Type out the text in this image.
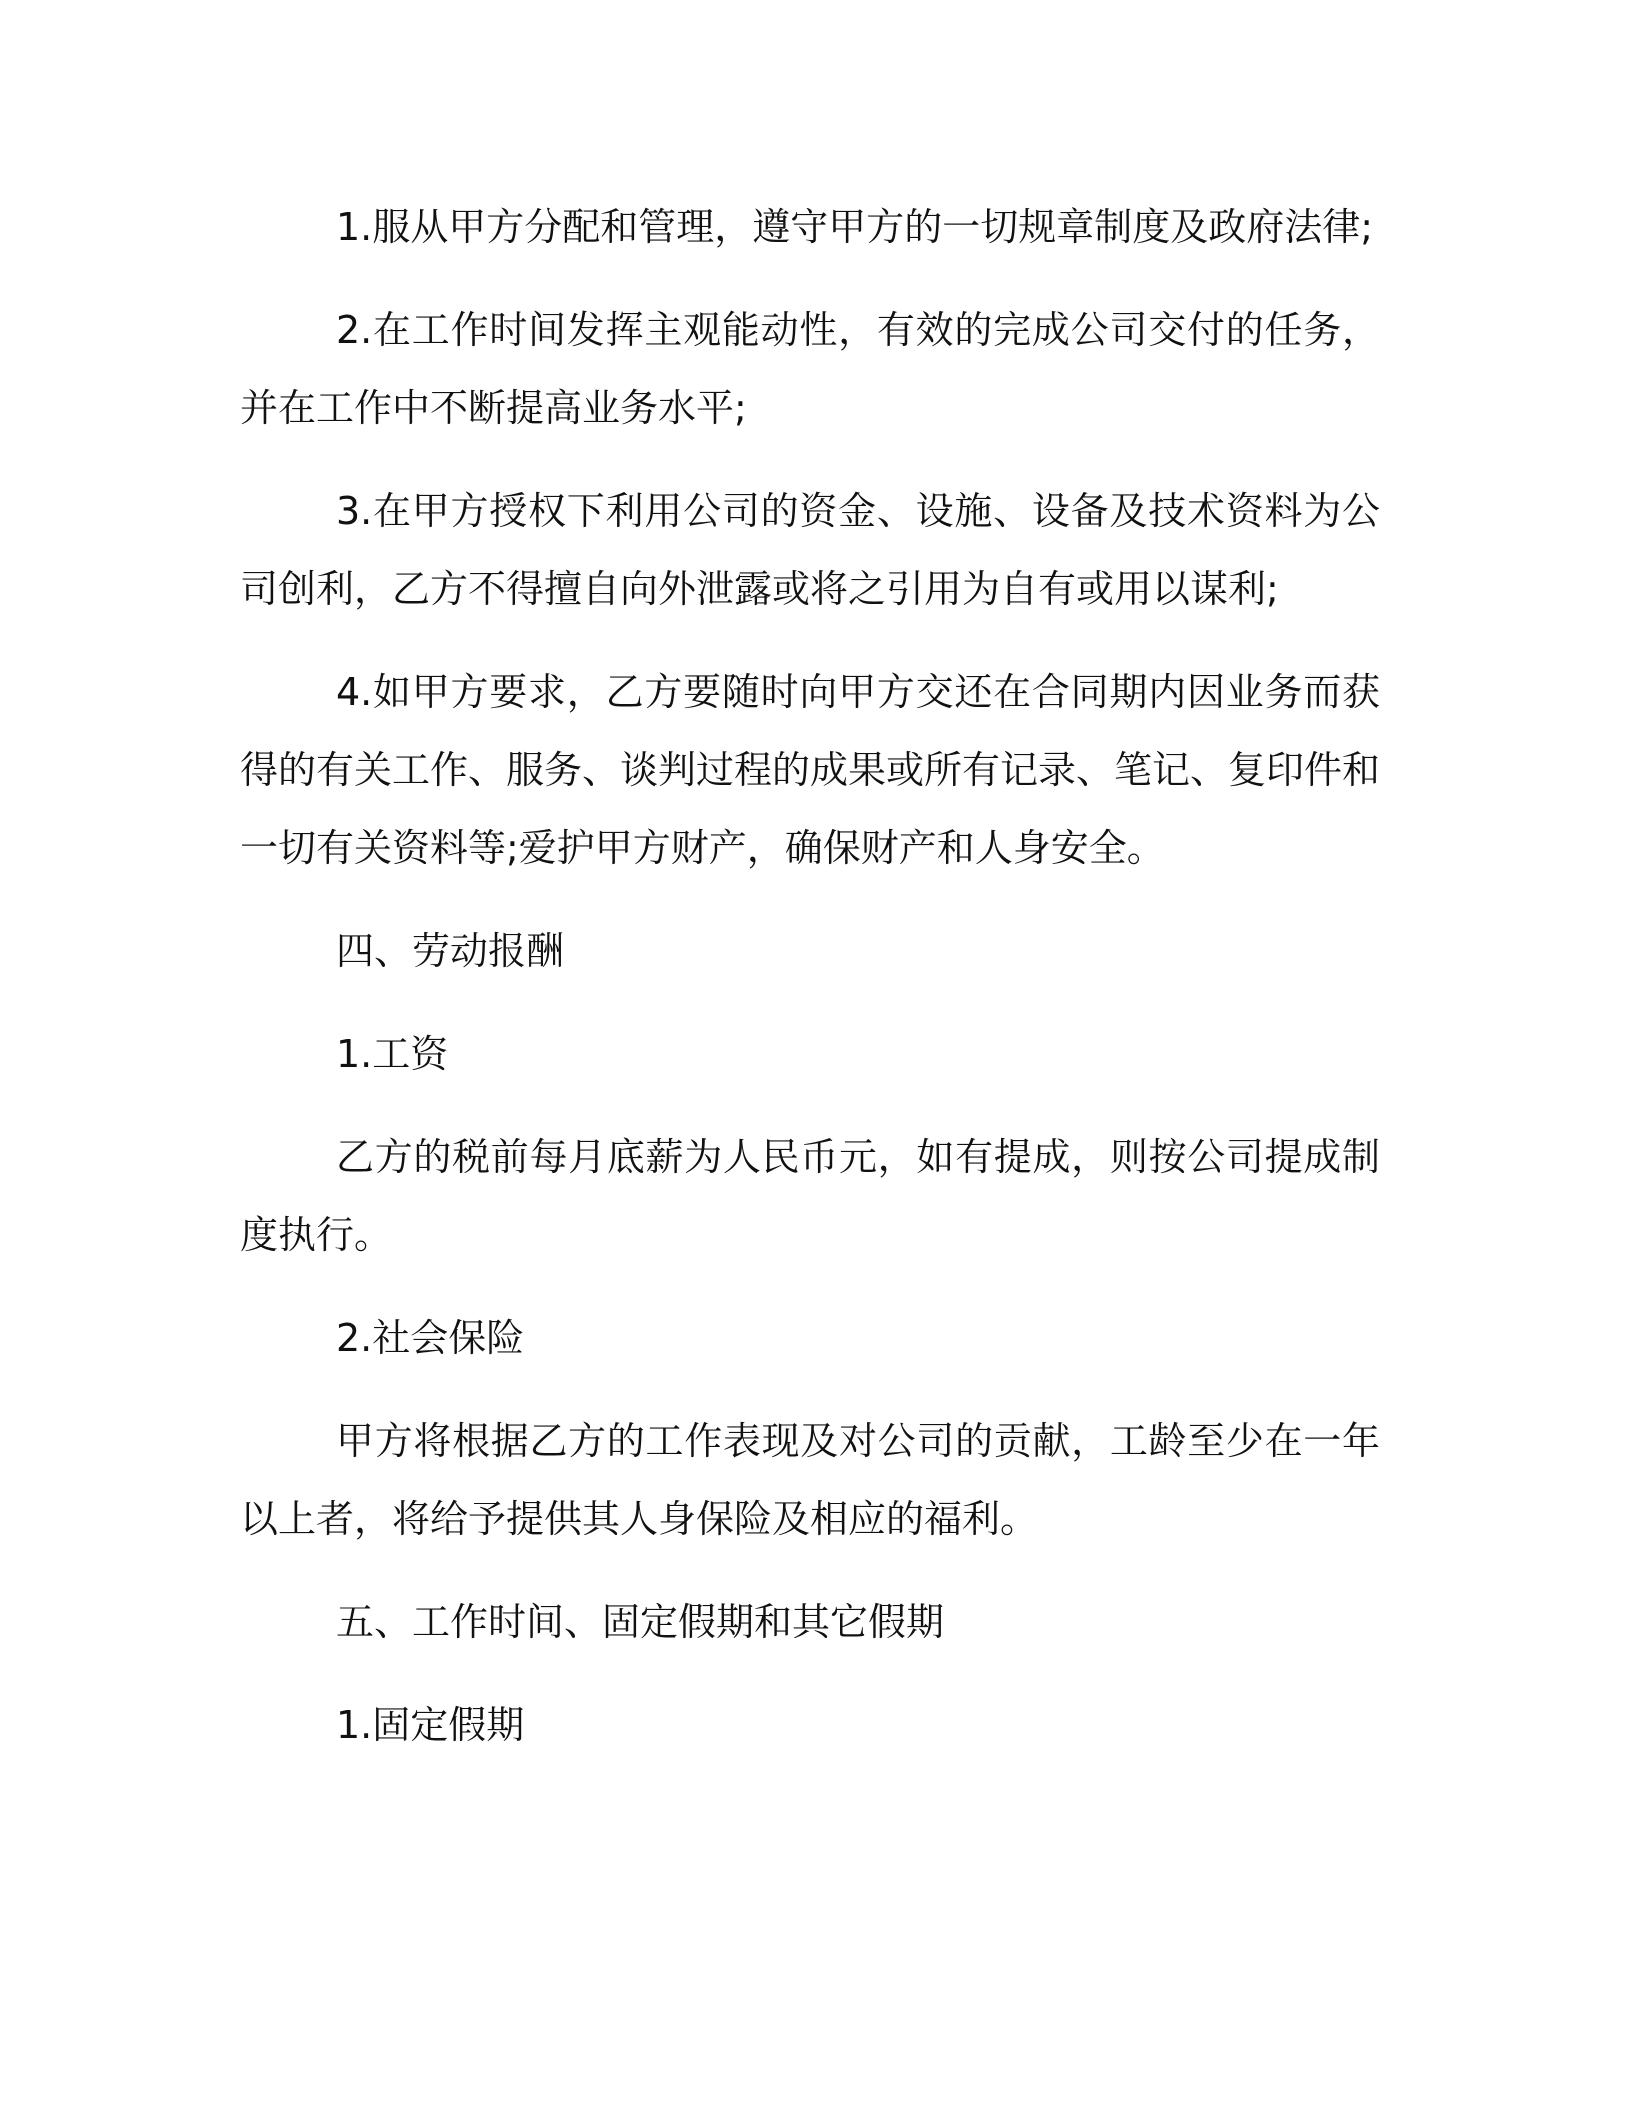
1.服从甲方分配和管理，遵守甲方的一切规章制度及政府法律;

2.在工作时间发挥主观能动性，有效的完成公司交付的任务，并在工作中不断提高业务水平;

3.在甲方授权下利用公司的资金、设施、设备及技术资料为公司创利，乙方不得擅自向外泄露或将之引用为自有或用以谋利;

4.如甲方要求，乙方要随时向甲方交还在合同期内因业务而获得的有关工作、服务、谈判过程的成果或所有记录、笔记、复印件和一切有关资料等;爱护甲方财产，确保财产和人身安全。

四、劳动报酬

1.工资

乙方的税前每月底薪为人民币元，如有提成，则按公司提成制度执行。

2.社会保险

甲方将根据乙方的工作表现及对公司的贡献，工龄至少在一年以上者，将给予提供其人身保险及相应的福利。

五、工作时间、固定假期和其它假期

1.固定假期
